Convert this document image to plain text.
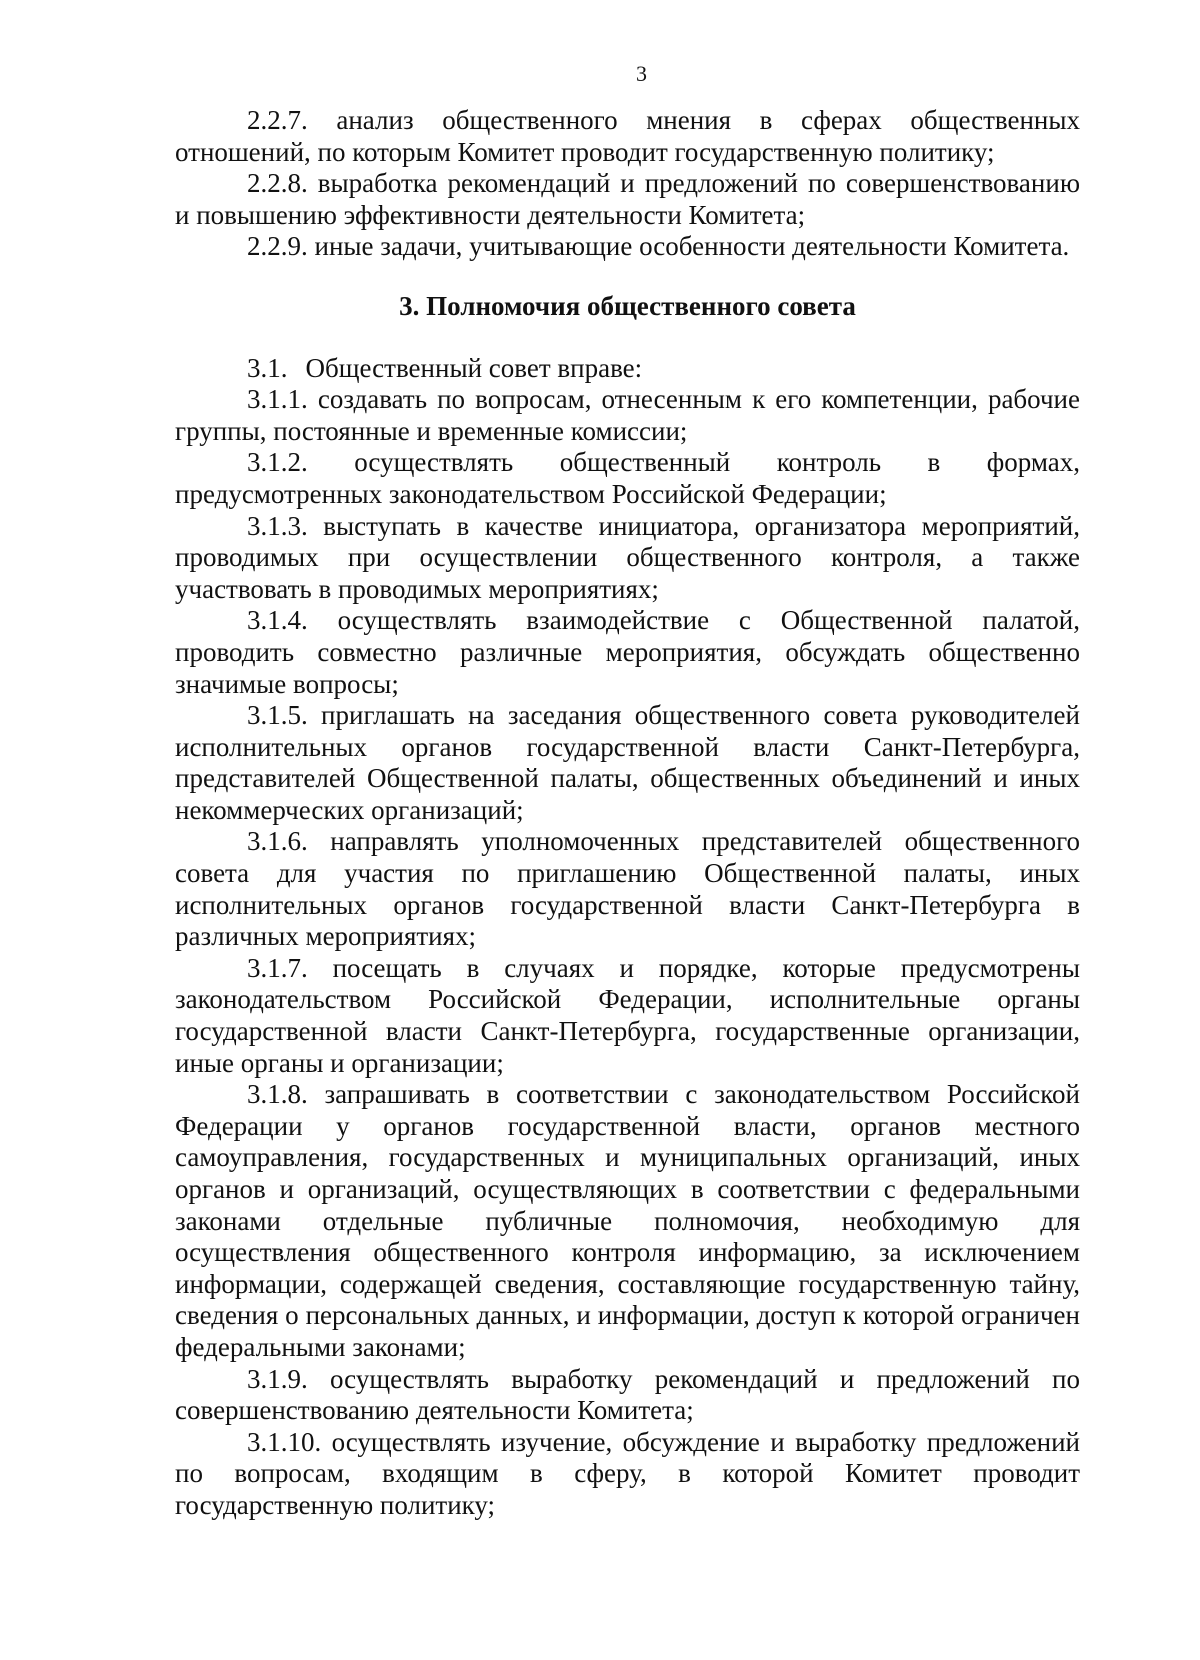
3

2.2.7. анализ общественного мнения в сферах общественных отношений, по которым Комитет проводит государственную политику;

2.2.8. выработка рекомендаций и предложений по совершенствованию и повышению эффективности деятельности Комитета;

2.2.9. иные задачи, учитывающие особенности деятельности Комитета.

3. Полномочия общественного совета

3.1. Общественный совет вправе:

3.1.1. создавать по вопросам, отнесенным к его компетенции, рабочие группы, постоянные и временные комиссии;

3.1.2. осуществлять общественный контроль в формах, предусмотренных законодательством Российской Федерации;

3.1.3. выступать в качестве инициатора, организатора мероприятий, проводимых при осуществлении общественного контроля, а также участвовать в проводимых мероприятиях;

3.1.4. осуществлять взаимодействие с Общественной палатой, проводить совместно различные мероприятия, обсуждать общественно значимые вопросы;

3.1.5. приглашать на заседания общественного совета руководителей исполнительных органов государственной власти Санкт-Петербурга, представителей Общественной палаты, общественных объединений и иных некоммерческих организаций;

3.1.6. направлять уполномоченных представителей общественного совета для участия по приглашению Общественной палаты, иных исполнительных органов государственной власти Санкт-Петербурга в различных мероприятиях;

3.1.7. посещать в случаях и порядке, которые предусмотрены законодательством Российской Федерации, исполнительные органы государственной власти Санкт-Петербурга, государственные организации, иные органы и организации;

3.1.8. запрашивать в соответствии с законодательством Российской Федерации у органов государственной власти, органов местного самоуправления, государственных и муниципальных организаций, иных органов и организаций, осуществляющих в соответствии с федеральными законами отдельные публичные полномочия, необходимую для осуществления общественного контроля информацию, за исключением информации, содержащей сведения, составляющие государственную тайну, сведения о персональных данных, и информации, доступ к которой ограничен федеральными законами;

3.1.9. осуществлять выработку рекомендаций и предложений по совершенствованию деятельности Комитета;

3.1.10. осуществлять изучение, обсуждение и выработку предложений по вопросам, входящим в сферу, в которой Комитет проводит государственную политику;
